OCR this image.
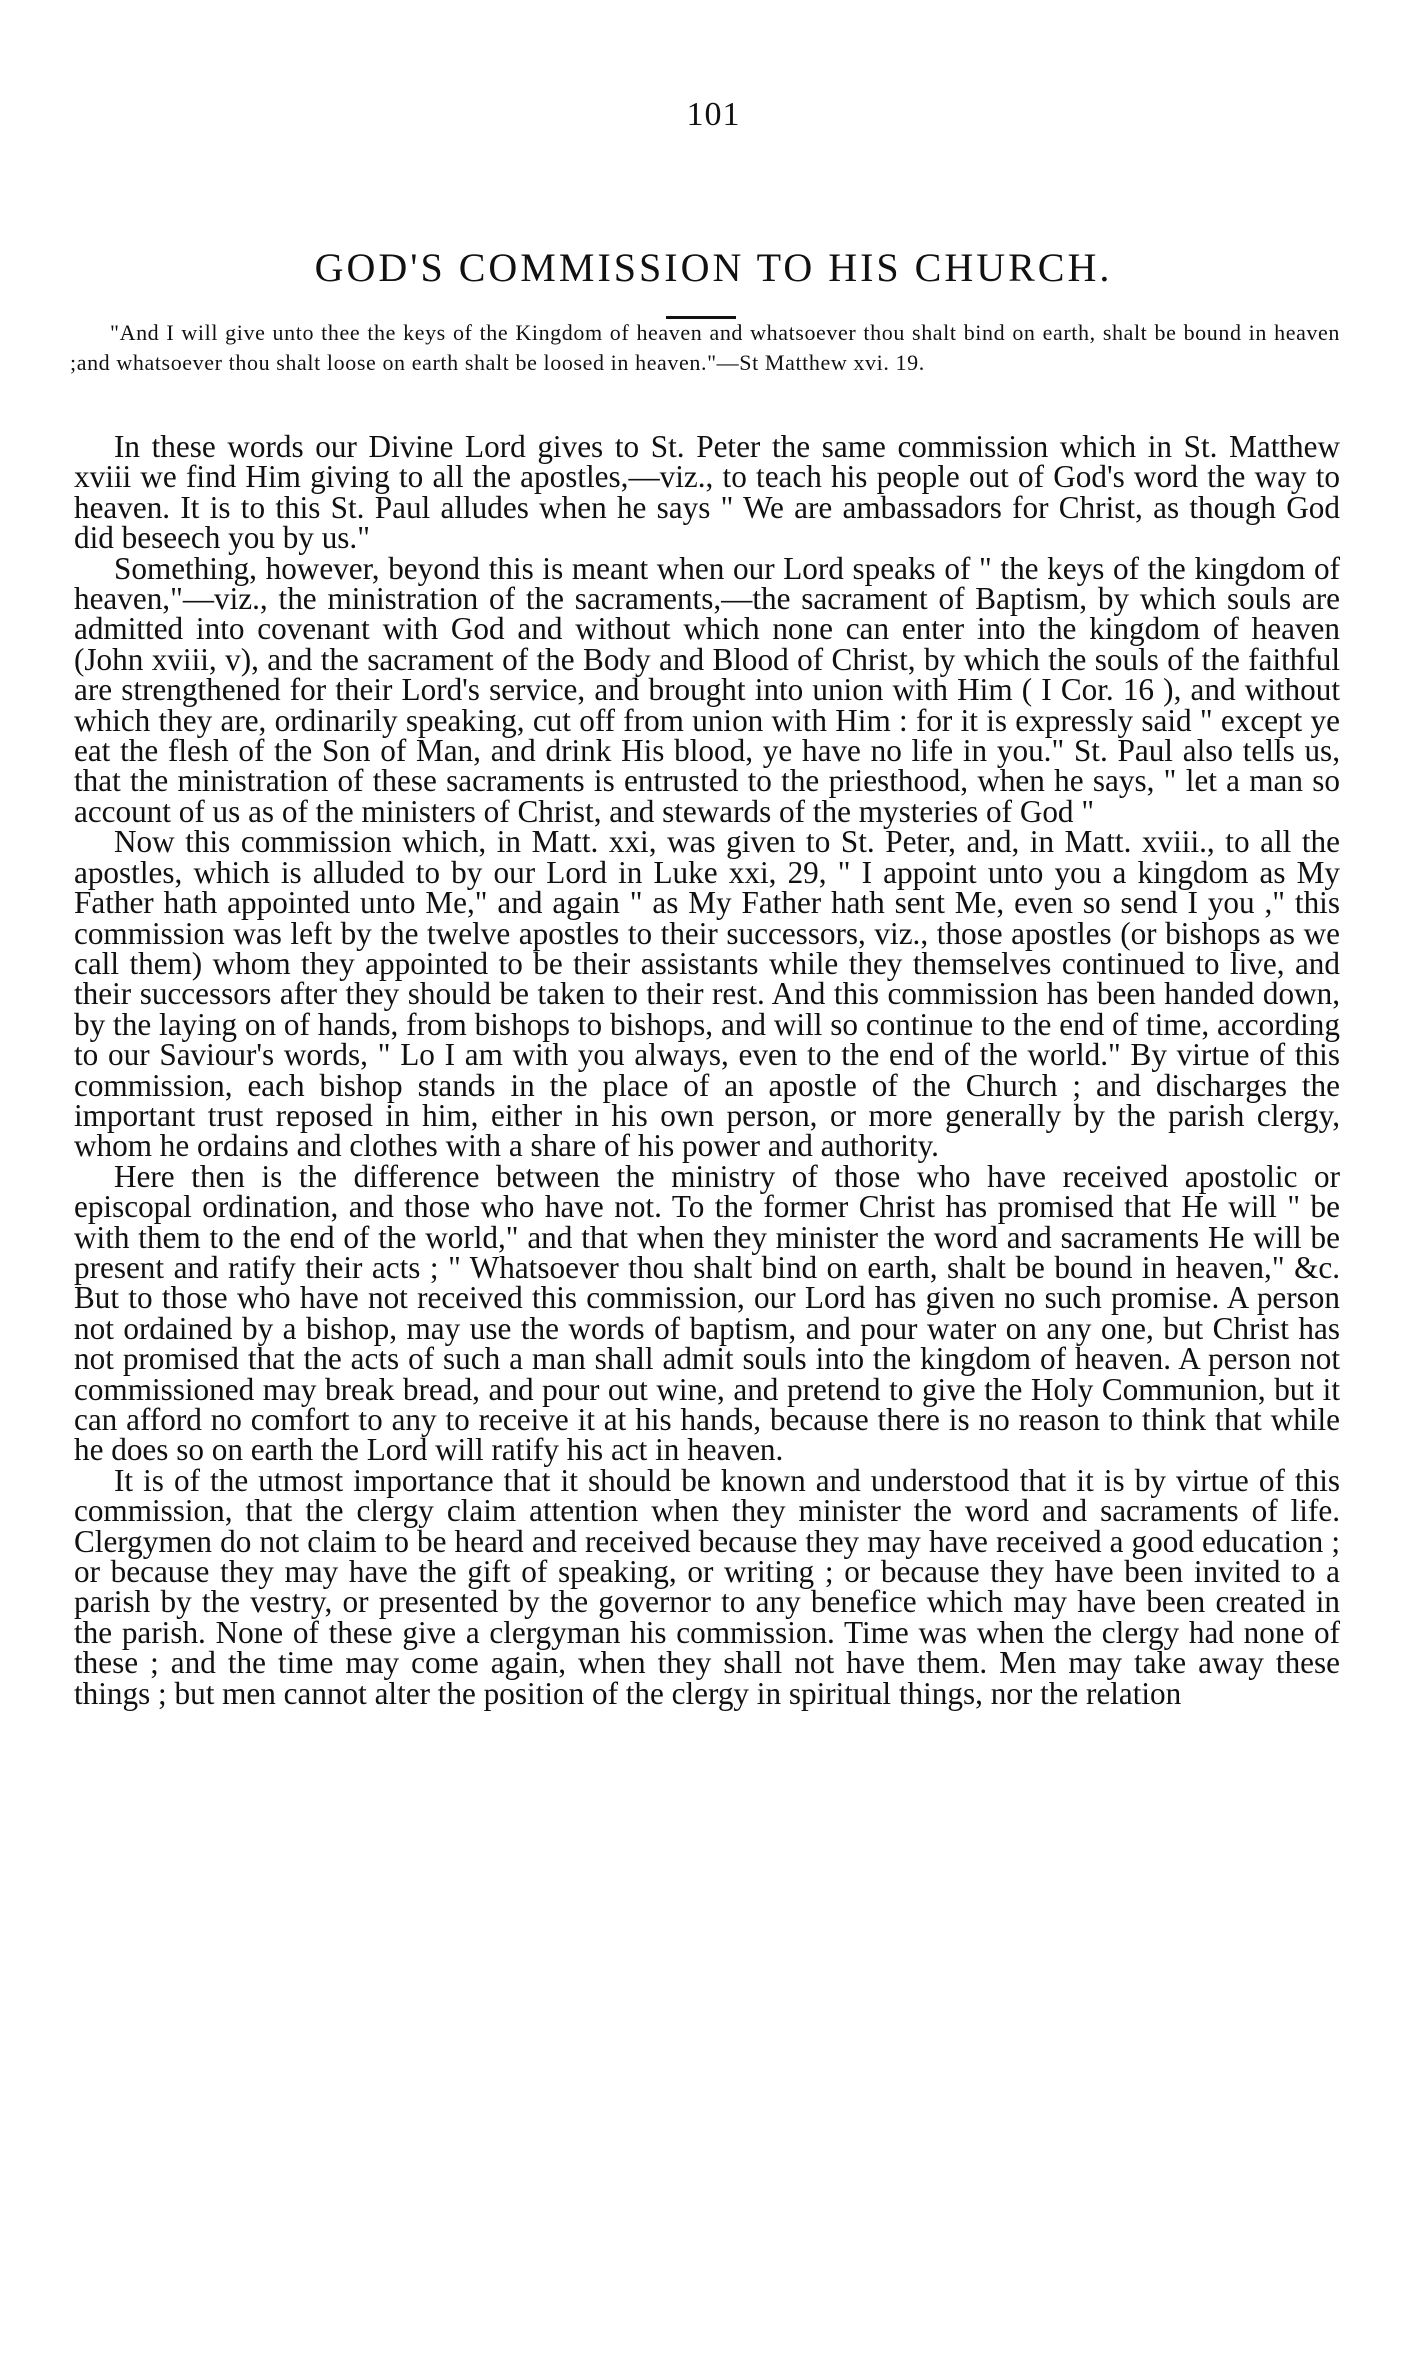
101
GOD'S COMMISSION TO HIS CHURCH.
"And I will give unto thee the keys of the Kingdom of heaven and whatsoever thou shalt bind on earth, shalt be bound in heaven ;and whatsoever thou shalt loose on earth shalt be loosed in heaven."—St Matthew xvi. 19.

In these words our Divine Lord gives to St. Peter the same commission which in St. Matthew xviii we find Him giving to all the apostles,—viz., to teach his people out of God's word the way to heaven. It is to this St. Paul alludes when he says " We are ambassadors for Christ, as though God did beseech you by us."

Something, however, beyond this is meant when our Lord speaks of " the keys of the kingdom of heaven,"—viz., the ministration of the sacraments,—the sacrament of Baptism, by which souls are admitted into covenant with God and without which none can enter into the kingdom of heaven (John xviii, v), and the sacrament of the Body and Blood of Christ, by which the souls of the faithful are strengthened for their Lord's service, and brought into union with Him ( I Cor. 16 ), and without which they are, ordinarily speaking, cut off from union with Him : for it is expressly said " except ye eat the flesh of the Son of Man, and drink His blood, ye have no life in you." St. Paul also tells us, that the ministration of these sacraments is entrusted to the priesthood, when he says, " let a man so account of us as of the ministers of Christ, and stewards of the mysteries of God "

Now this commission which, in Matt. xxi, was given to St. Peter, and, in Matt. xviii., to all the apostles, which is alluded to by our Lord in Luke xxi, 29, " I appoint unto you a kingdom as My Father hath appointed unto Me," and again " as My Father hath sent Me, even so send I you ," this commission was left by the twelve apostles to their successors, viz., those apostles (or bishops as we call them) whom they appointed to be their assistants while they themselves continued to live, and their successors after they should be taken to their rest. And this commission has been handed down, by the laying on of hands, from bishops to bishops, and will so continue to the end of time, according to our Saviour's words, " Lo I am with you always, even to the end of the world." By virtue of this commission, each bishop stands in the place of an apostle of the Church ; and discharges the important trust reposed in him, either in his own person, or more generally by the parish clergy, whom he ordains and clothes with a share of his power and authority.

Here then is the difference between the ministry of those who have received apostolic or episcopal ordination, and those who have not. To the former Christ has promised that He will " be with them to the end of the world," and that when they minister the word and sacraments He will be present and ratify their acts ; " Whatsoever thou shalt bind on earth, shalt be bound in heaven," &c. But to those who have not received this commission, our Lord has given no such promise. A person not ordained by a bishop, may use the words of baptism, and pour water on any one, but Christ has not promised that the acts of such a man shall admit souls into the kingdom of heaven. A person not commissioned may break bread, and pour out wine, and pretend to give the Holy Communion, but it can afford no comfort to any to receive it at his hands, because there is no reason to think that while he does so on earth the Lord will ratify his act in heaven.

It is of the utmost importance that it should be known and understood that it is by virtue of this commission, that the clergy claim attention when they minister the word and sacraments of life. Clergymen do not claim to be heard and received because they may have received a good education ; or because they may have the gift of speaking, or writing ; or because they have been invited to a parish by the vestry, or presented by the governor to any benefice which may have been created in the parish. None of these give a clergyman his commission. Time was when the clergy had none of these ; and the time may come again, when they shall not have them. Men may take away these things ; but men cannot alter the position of the clergy in spiritual things, nor the relation
